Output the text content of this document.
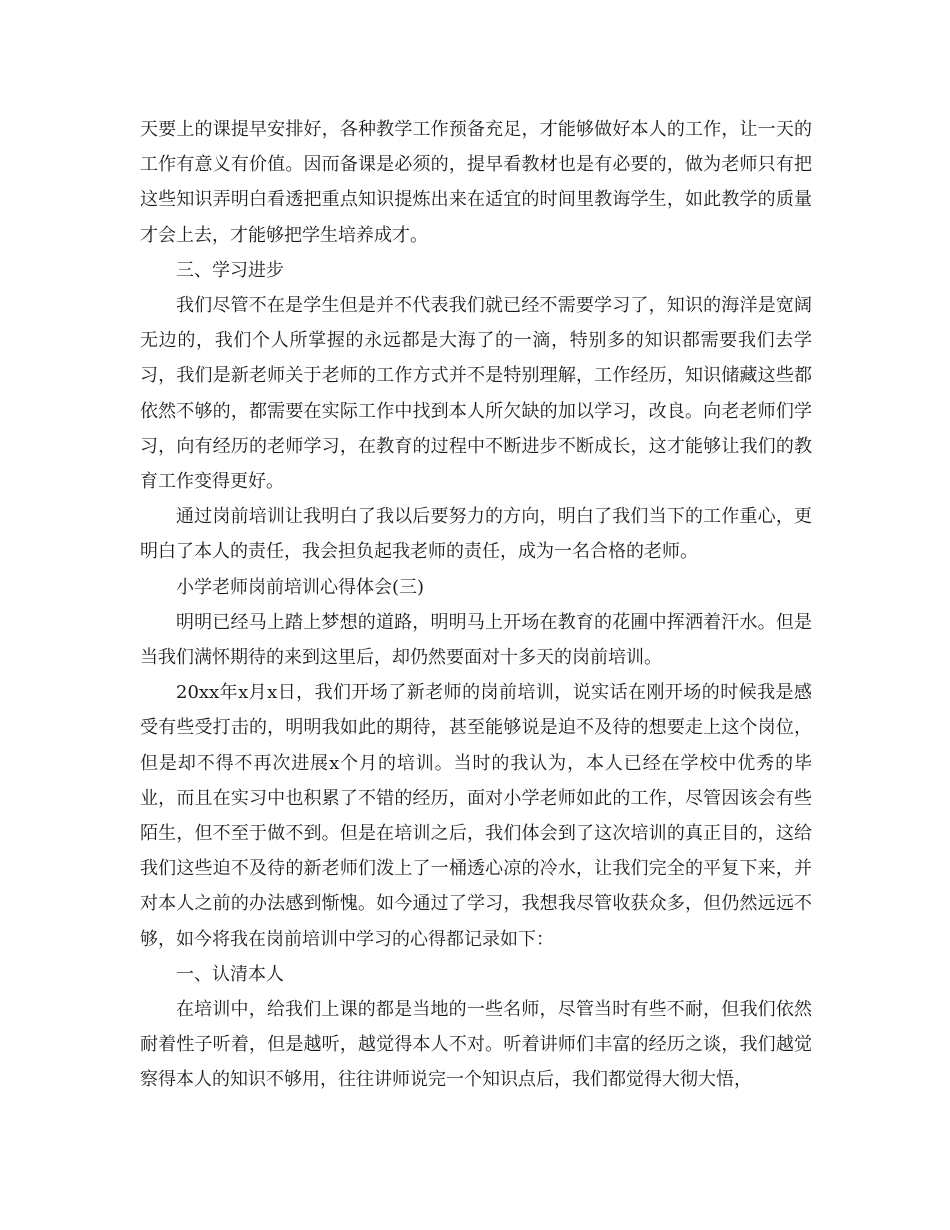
天要上的课提早安排好，各种教学工作预备充足，才能够做好本人的工作，让一天的工作有意义有价值。因而备课是必须的，提早看教材也是有必要的，做为老师只有把这些知识弄明白看透把重点知识提炼出来在适宜的时间里教诲学生，如此教学的质量才会上去，才能够把学生培养成才。

三、学习进步

我们尽管不在是学生但是并不代表我们就已经不需要学习了，知识的海洋是宽阔无边的，我们个人所掌握的永远都是大海了的一滴，特别多的知识都需要我们去学习，我们是新老师关于老师的工作方式并不是特别理解，工作经历，知识储藏这些都依然不够的，都需要在实际工作中找到本人所欠缺的加以学习，改良。向老老师们学习，向有经历的老师学习，在教育的过程中不断进步不断成长，这才能够让我们的教育工作变得更好。

通过岗前培训让我明白了我以后要努力的方向，明白了我们当下的工作重心，更明白了本人的责任，我会担负起我老师的责任，成为一名合格的老师。

小学老师岗前培训心得体会(三)

明明已经马上踏上梦想的道路，明明马上开场在教育的花圃中挥洒着汗水。但是当我们满怀期待的来到这里后，却仍然要面对十多天的岗前培训。

20xx年x月x日，我们开场了新老师的岗前培训，说实话在刚开场的时候我是感受有些受打击的，明明我如此的期待，甚至能够说是迫不及待的想要走上这个岗位，但是却不得不再次进展x个月的培训。当时的我认为，本人已经在学校中优秀的毕业，而且在实习中也积累了不错的经历，面对小学老师如此的工作，尽管因该会有些陌生，但不至于做不到。但是在培训之后，我们体会到了这次培训的真正目的，这给我们这些迫不及待的新老师们泼上了一桶透心凉的冷水，让我们完全的平复下来，并对本人之前的办法感到惭愧。如今通过了学习，我想我尽管收获众多，但仍然远远不够，如今将我在岗前培训中学习的心得都记录如下：

一、认清本人

在培训中，给我们上课的都是当地的一些名师，尽管当时有些不耐，但我们依然耐着性子听着，但是越听，越觉得本人不对。听着讲师们丰富的经历之谈，我们越觉察得本人的知识不够用，往往讲师说完一个知识点后，我们都觉得大彻大悟，
